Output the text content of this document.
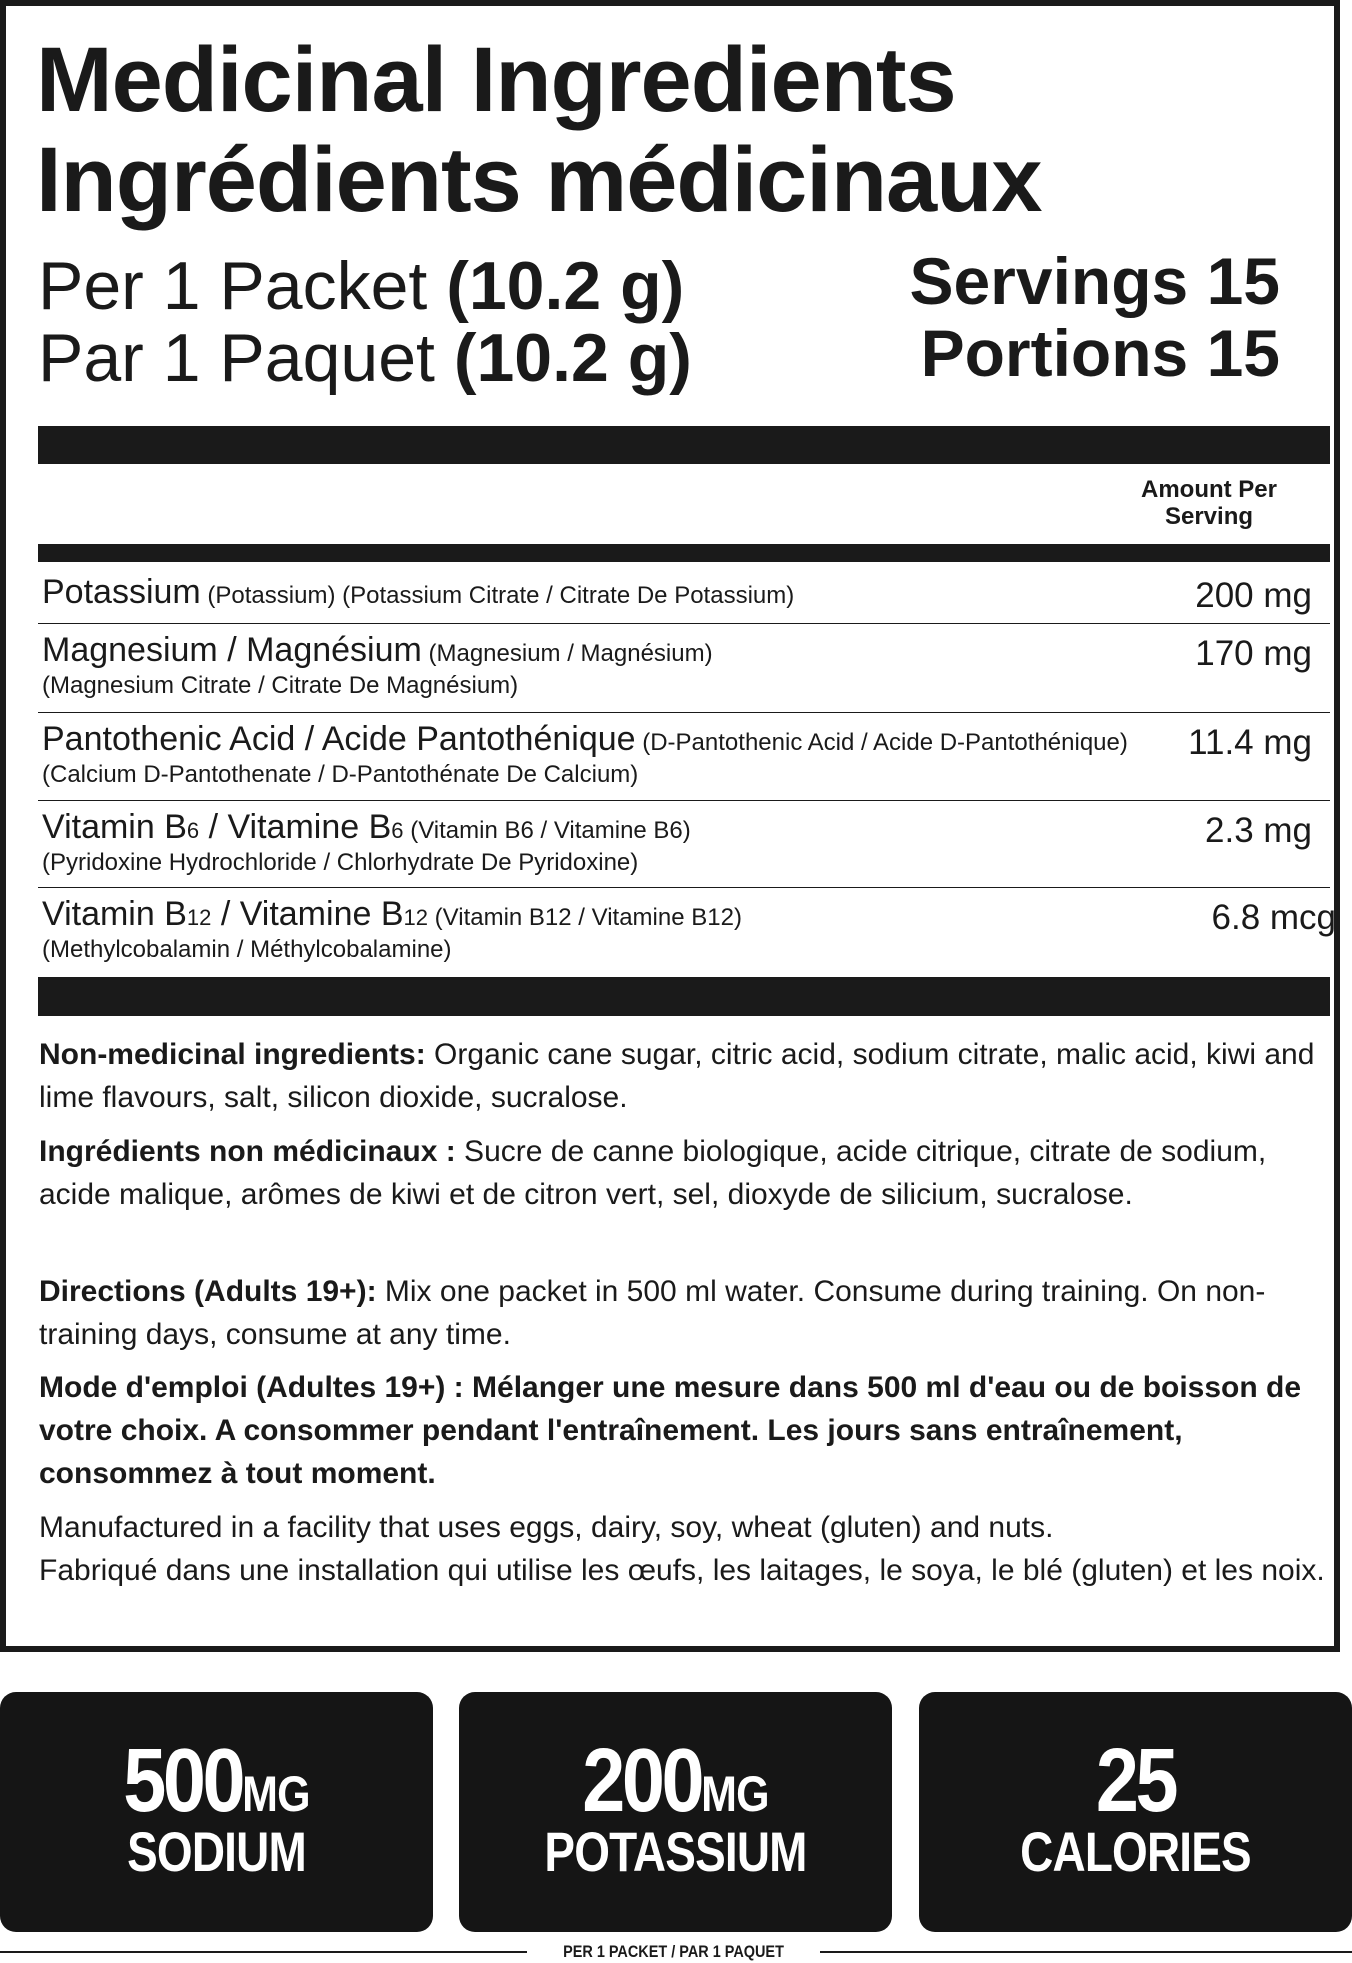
Medicinal Ingredients
Ingrédients médicinaux
Per 1 Packet (10.2 g)
Par 1 Paquet (10.2 g)
Servings 15
Portions 15
Amount Per
Serving
Potassium (Potassium) (Potassium Citrate / Citrate De Potassium)	200 mg
Magnesium / Magnésium (Magnesium / Magnésium)
(Magnesium Citrate / Citrate De Magnésium)
170 mg
Pantothenic Acid / Acide Pantothénique (D-Pantothenic Acid / Acide D-Pantothénique) (Calcium D-Pantothenate / D-Pantothénate De Calcium)
11.4 mg
Vitamin B6 / Vitamine B6 (Vitamin B6 / Vitamine B6)
(Pyridoxine Hydrochloride / Chlorhydrate De Pyridoxine)
2.3 mg
Vitamin B12 / Vitamine B12 (Vitamin B12 / Vitamine B12)
(Methylcobalamin / Méthylcobalamine)
6.8 mcg
Non-medicinal ingredients: Organic cane sugar, citric acid, sodium citrate, malic acid, kiwi and lime flavours, salt, silicon dioxide, sucralose.
Ingrédients non médicinaux : Sucre de canne biologique, acide citrique, citrate de sodium, acide malique, arômes de kiwi et de citron vert, sel, dioxyde de silicium, sucralose.
Directions (Adults 19+): Mix one packet in 500 ml water. Consume during training. On non-training days, consume at any time.
Mode d'emploi (Adultes 19+) : Mélanger une mesure dans 500 ml d'eau ou de boisson de votre choix. A consommer pendant l'entraînement. Les jours sans entraînement, consommez à tout moment.
Manufactured in a facility that uses eggs, dairy, soy, wheat (gluten) and nuts.
Fabriqué dans une installation qui utilise les œufs, les laitages, le soya, le blé (gluten) et les noix.
500MG
SODIUM
200MG
POTASSIUM
25
CALORIES
PER 1 PACKET / PAR 1 PAQUET
